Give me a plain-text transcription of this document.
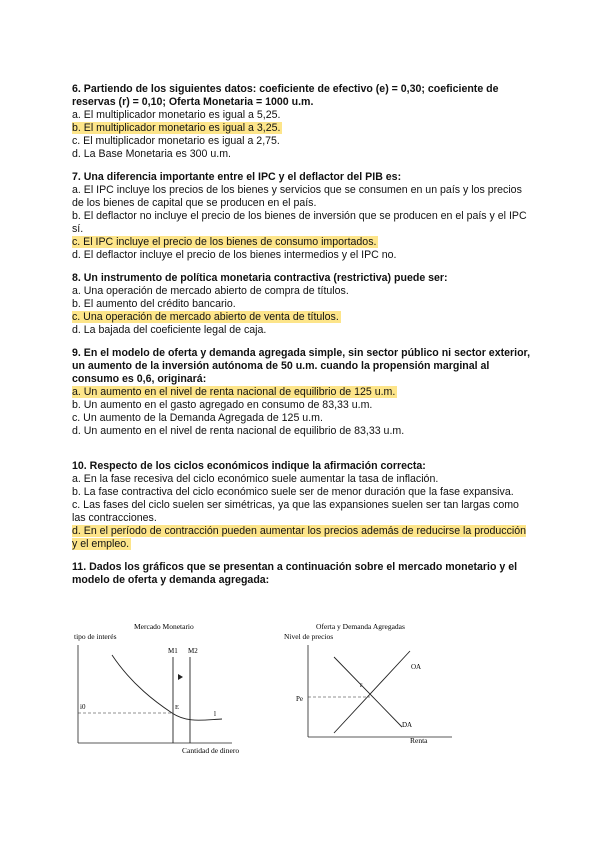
6. Partiendo de los siguientes datos: coeficiente de efectivo (e) = 0,30; coeficiente de reservas (r) = 0,10; Oferta Monetaria = 1000 u.m.

a. El multiplicador monetario es igual a 5,25.

b. El multiplicador monetario es igual a 3,25.

c. El multiplicador monetario es igual a 2,75.

d. La Base Monetaria es 300 u.m.

7. Una diferencia importante entre el IPC y el deflactor del PIB es:

a. El IPC incluye los precios de los bienes y servicios que se consumen en un país y los precios de los bienes de capital que se producen en el país.

b. El deflactor no incluye el precio de los bienes de inversión que se producen en el país y el IPC sí.

c. El IPC incluye el precio de los bienes de consumo importados.

d. El deflactor incluye el precio de los bienes intermedios y el IPC no.

8. Un instrumento de política monetaria contractiva (restrictiva) puede ser:

a. Una operación de mercado abierto de compra de títulos.

b. El aumento del crédito bancario.

c. Una operación de mercado abierto de venta de títulos.

d. La bajada del coeficiente legal de caja.

9. En el modelo de oferta y demanda agregada simple, sin sector público ni sector exterior, un aumento de la inversión autónoma de 50 u.m. cuando la propensión marginal al consumo es 0,6, originará:

a. Un aumento en el nivel de renta nacional de equilibrio de 125 u.m.

b. Un aumento en el gasto agregado en consumo de 83,33 u.m.

c. Un aumento de la Demanda Agregada de 125 u.m.

d. Un aumento en el nivel de renta nacional de equilibrio de 83,33 u.m.

10. Respecto de los ciclos económicos indique la afirmación correcta:

a. En la fase recesiva del ciclo económico suele aumentar la tasa de inflación.

b. La fase contractiva del ciclo económico suele ser de menor duración que la fase expansiva.

c. Las fases del ciclo suelen ser simétricas, ya que las expansiones suelen ser tan largas como las contracciones.

d. En el período de contracción pueden aumentar los precios además de reducirse la producción y el empleo.

11. Dados los gráficos que se presentan a continuación sobre el mercado monetario y el modelo de oferta y demanda agregada:

Mercado Monetario
tipo de interés
Cantidad de dinero
M1 M2
i0	E
l
Oferta y Demanda Agregadas
Nivel de precios
Renta
Pe
OA
DA
r
